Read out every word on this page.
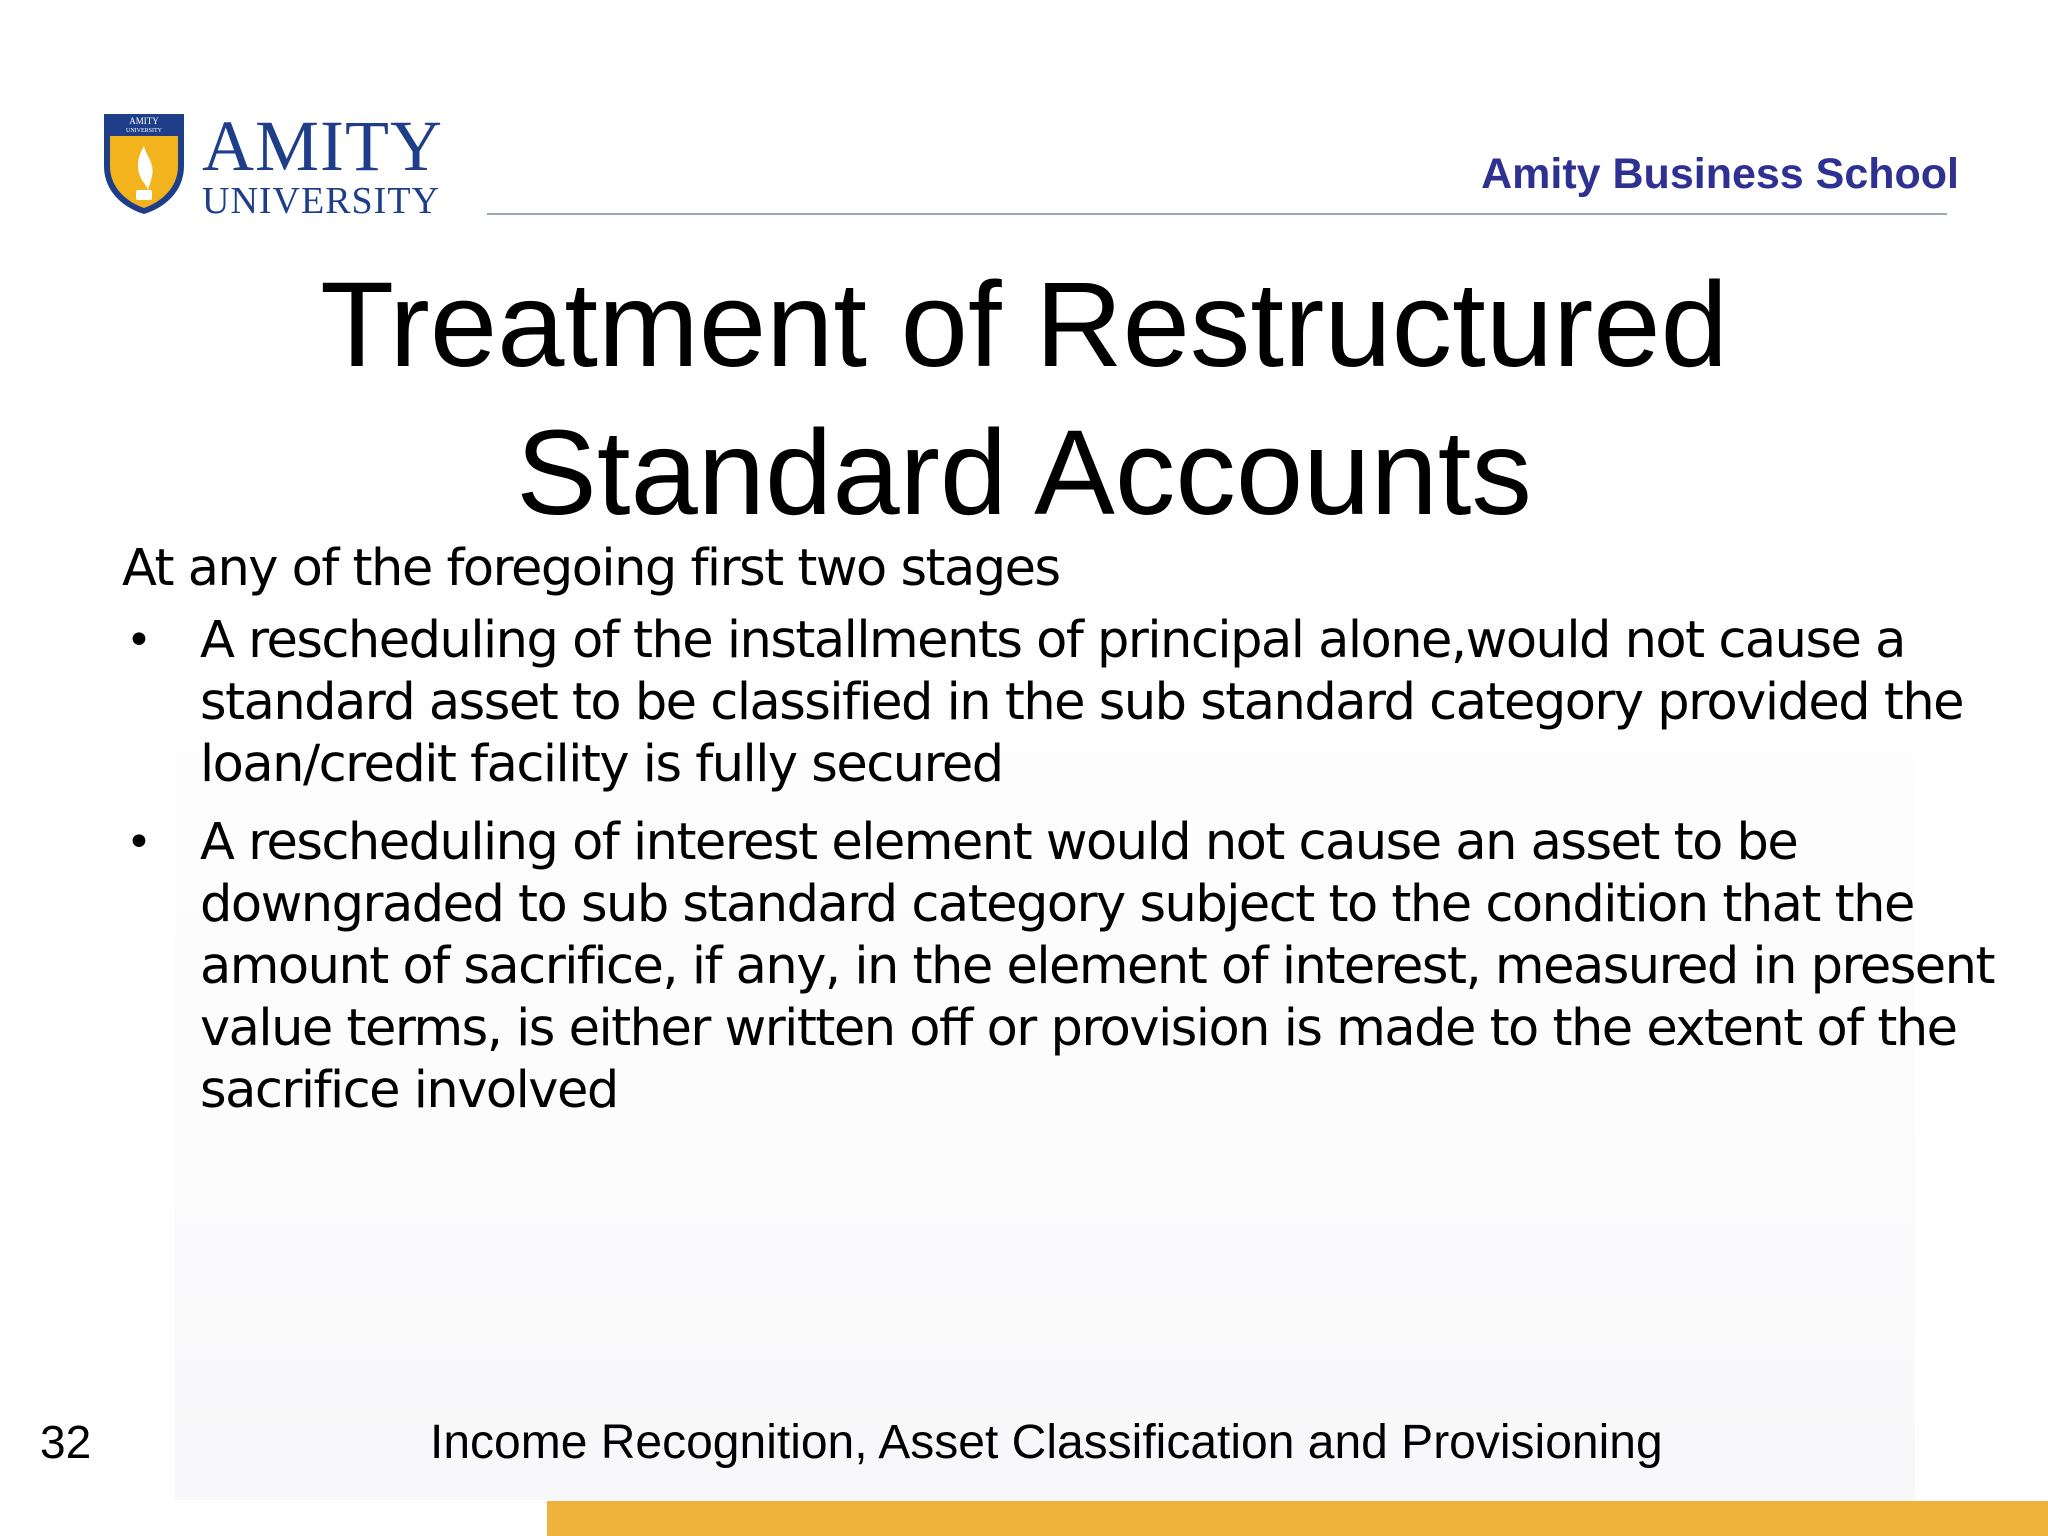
AMITY
UNIVERSITY AMITY
UNIVERSITY
Amity Business School
Treatment of Restructured
Standard Accounts

At any of the foregoing first two stages

• A rescheduling of the installments of principal alone,would not cause a standard asset to be classified in the sub standard category provided the loan/credit facility is fully secured
• A rescheduling of interest element would not cause an asset to be downgraded to sub standard category subject to the condition that the amount of sacrifice, if any, in the element of interest, measured in present value terms, is either written off or provision is made to the extent of the sacrifice involved
32	Income Recognition, Asset Classification and Provisioning
